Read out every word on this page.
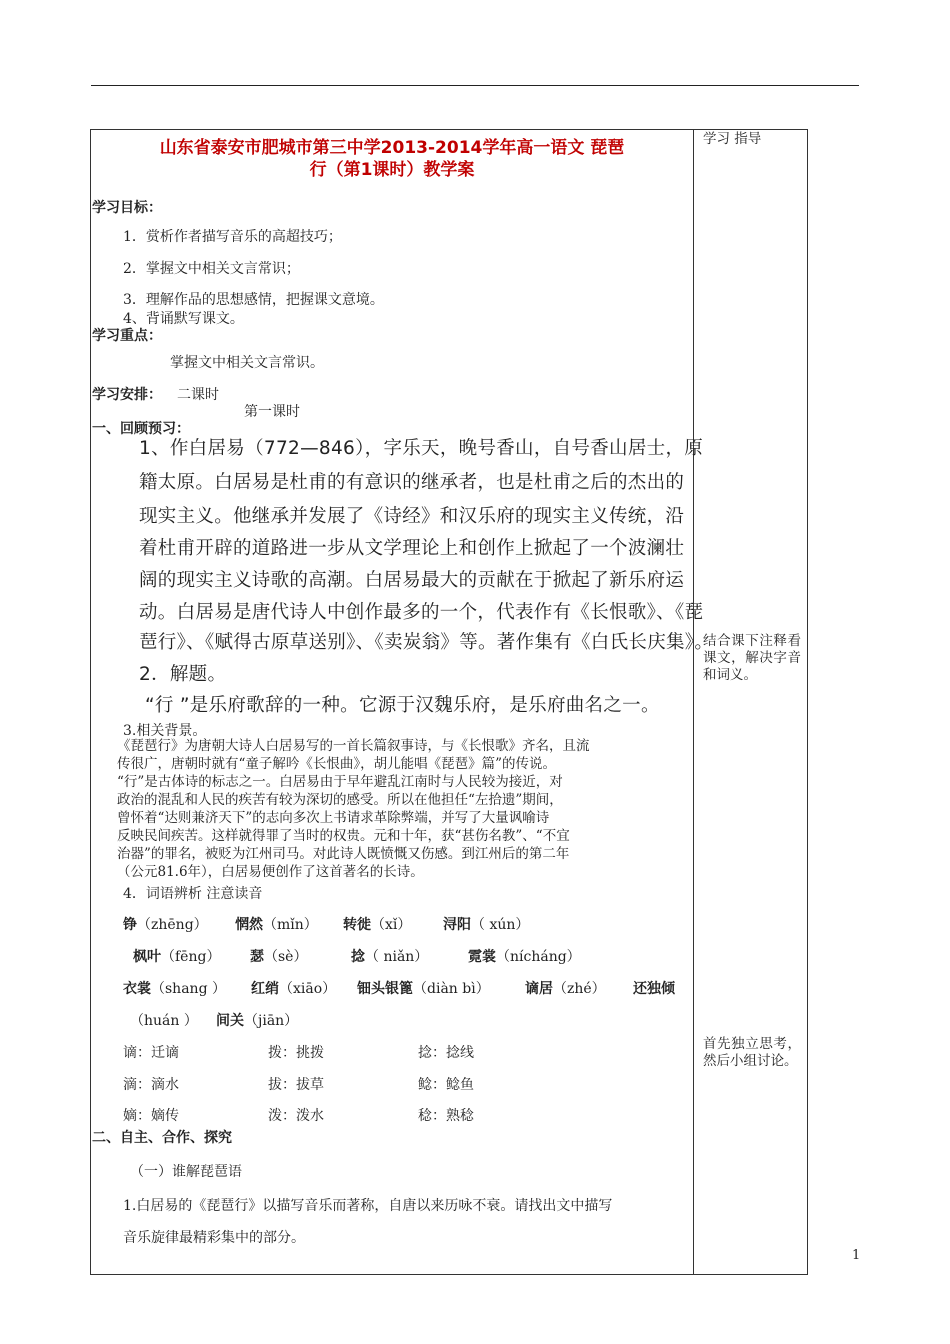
山东省泰安市肥城市第三中学2013-2014学年高一语文 琵琶
行（第1课时）教学案
学习 指导
结合课下注释看课文，解决字音和词义。
首先独立思考，然后小组讨论。
学习目标：
1．赏析作者描写音乐的高超技巧；
2．掌握文中相关文言常识；
3．理解作品的思想感情，把握课文意境。
4、背诵默写课文。
学习重点：
掌握文中相关文言常识。
学习安排： 二课时
第一课时
一、回顾预习：
1、作白居易（772—846），字乐天，晚号香山，自号香山居士，原
籍太原。白居易是杜甫的有意识的继承者，也是杜甫之后的杰出的
现实主义。他继承并发展了《诗经》和汉乐府的现实主义传统，沿
着杜甫开辟的道路进一步从文学理论上和创作上掀起了一个波澜壮
阔的现实主义诗歌的高潮。白居易最大的贡献在于掀起了新乐府运
动。白居易是唐代诗人中创作最多的一个，代表作有《长恨歌》、《琵
琶行》、《赋得古原草送别》、《卖炭翁》等。著作集有《白氏长庆集》。
2．解题。
“行 ”是乐府歌辞的一种。它源于汉魏乐府，是乐府曲名之一。
3.相关背景。
《琵琶行》为唐朝大诗人白居易写的一首长篇叙事诗，与《长恨歌》齐名，且流
传很广，唐朝时就有“童子解吟《长恨曲》，胡儿能唱《琵琶》篇”的传说。
“行”是古体诗的标志之一。白居易由于早年避乱江南时与人民较为接近，对
政治的混乱和人民的疾苦有较为深切的感受。所以在他担任“左拾遗”期间，
曾怀着“达则兼济天下”的志向多次上书请求革除弊端，并写了大量讽喻诗
反映民间疾苦。这样就得罪了当时的权贵。元和十年，获“甚伤名教”、“不宜
治器”的罪名，被贬为江州司马。对此诗人既愤慨又伤感。到江州后的第二年
（公元81.6年），白居易便创作了这首著名的长诗。
4．词语辨析 注意读音
铮（zhēng） 惘然（mǐn） 转徙（xǐ） 浔阳（ xún）
枫叶（fēng） 瑟（sè）	捻（ niǎn）	霓裳（nícháng）
衣裳（shang ） 红绡（xiāo） 钿头银篦（diàn bì）	谪居（zhé） 还独倾
（huán ） 间关（jiān）
谪：迁谪	拨：挑拨	捻：捻线
滴：滴水	拔：拔草	鲶：鲶鱼
嫡：嫡传	泼：泼水	稔：熟稔
二、自主、合作、探究
（一）谁解琵琶语
1.白居易的《琵琶行》以描写音乐而著称，自唐以来历咏不衰。请找出文中描写
音乐旋律最精彩集中的部分。
1
